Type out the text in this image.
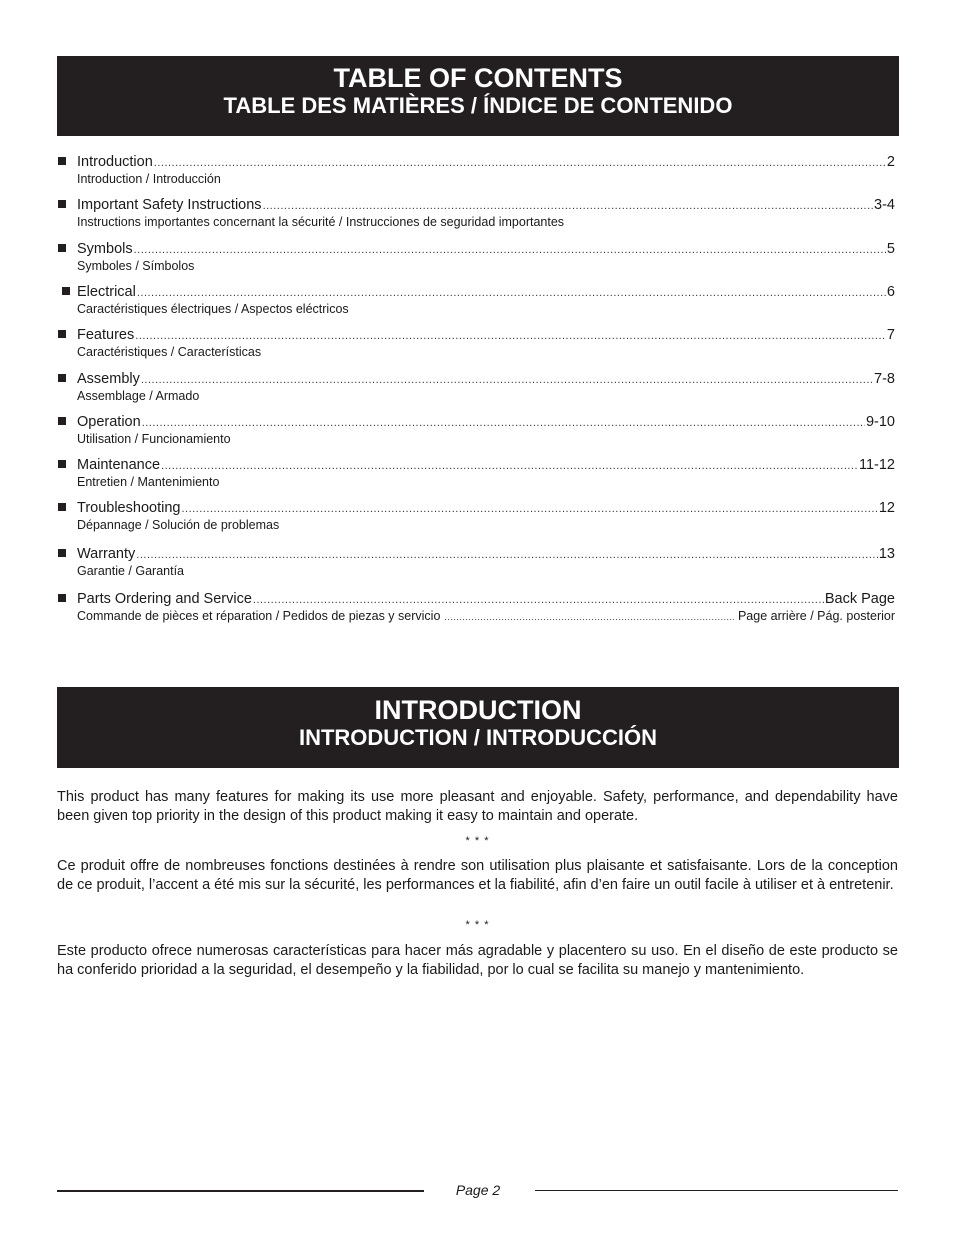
TABLE OF CONTENTS
TABLE DES MATIÈRES / ÍNDICE DE CONTENIDO
Introduction .....	2
Introduction / Introducción
Important Safety Instructions .....	3-4
Instructions importantes concernant la sécurité / Instrucciones de seguridad importantes
Symbols .....	5
Symboles / Símbolos
Electrical .....	6
Caractéristiques électriques / Aspectos eléctricos
Features .....	7
Caractéristiques / Características
Assembly .....	7-8
Assemblage / Armado
Operation .....	9-10
Utilisation / Funcionamiento
Maintenance .....	11-12
Entretien / Mantenimiento
Troubleshooting .....	12
Dépannage / Solución de problemas
Warranty .....	13
Garantie / Garantía
Parts Ordering and Service .....	Back Page
Commande de pièces et réparation / Pedidos de piezas y servicio .....	Page arrière / Pág. posterior
INTRODUCTION
INTRODUCTION / INTRODUCCIÓN

This product has many features for making its use more pleasant and enjoyable. Safety, performance, and dependability have been given top priority in the design of this product making it easy to maintain and operate.

* * *

Ce produit offre de nombreuses fonctions destinées à rendre son utilisation plus plaisante et satisfaisante. Lors de la conception de ce produit, l’accent a été mis sur la sécurité, les performances et la fiabilité, afin d’en faire un outil facile à utiliser et à entretenir.

* * *

Este producto ofrece numerosas características para hacer más agradable y placentero su uso. En el diseño de este producto se ha conferido prioridad a la seguridad, el desempeño y la fiabilidad, por lo cual se facilita su manejo y mantenimiento.

Page 2
